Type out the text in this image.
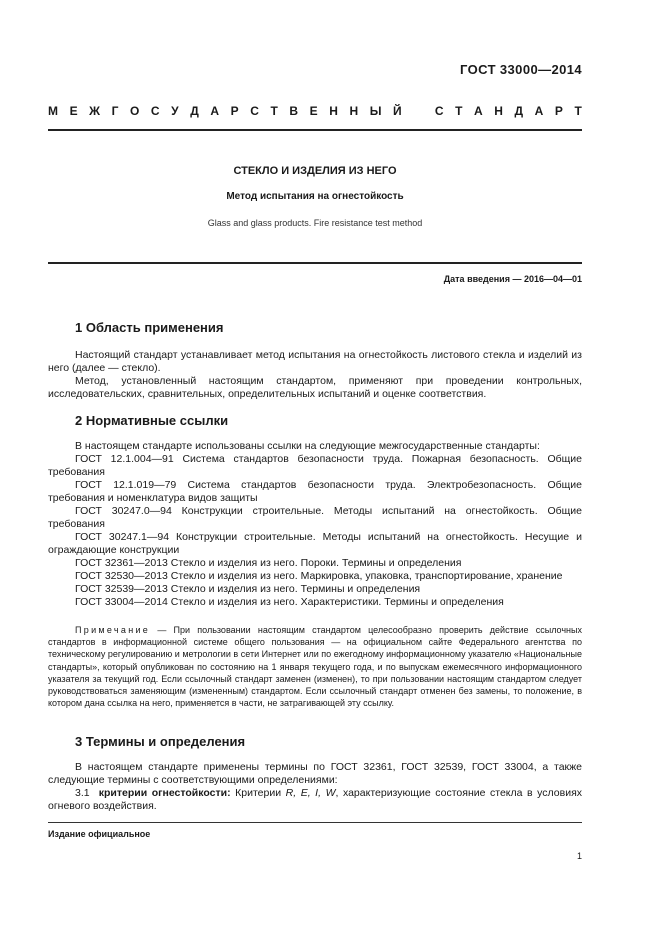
ГОСТ 33000—2014
М Е Ж Г О С У Д А Р С Т В Е Н Н Ы Й
	С Т А Н Д А Р Т
СТЕКЛО И ИЗДЕЛИЯ ИЗ НЕГО
Метод испытания на огнестойкость
Glass and glass products. Fire resistance test method
Дата введения — 2016—04—01
1 Область применения

Настоящий стандарт устанавливает метод испытания на огнестойкость листового стекла и изделий из него (далее — стекло).

Метод, установленный настоящим стандартом, применяют при проведении контрольных, исследовательских, сравнительных, определительных испытаний и оценке соответствия.

2 Нормативные ссылки

В настоящем стандарте использованы ссылки на следующие межгосударственные стандарты:

ГОСТ 12.1.004—91 Система стандартов безопасности труда. Пожарная безопасность. Общие требования

ГОСТ 12.1.019—79 Система стандартов безопасности труда. Электробезопасность. Общие требования и номенклатура видов защиты

ГОСТ 30247.0—94 Конструкции строительные. Методы испытаний на огнестойкость. Общие требования

ГОСТ 30247.1—94 Конструкции строительные. Методы испытаний на огнестойкость. Несущие и ограждающие конструкции

ГОСТ 32361—2013 Стекло и изделия из него. Пороки. Термины и определения

ГОСТ 32530—2013 Стекло и изделия из него. Маркировка, упаковка, транспортирование, хранение

ГОСТ 32539—2013 Стекло и изделия из него. Термины и определения

ГОСТ 33004—2014 Стекло и изделия из него. Характеристики. Термины и определения

Примечание — При пользовании настоящим стандартом целесообразно проверить действие ссылочных стандартов в информационной системе общего пользования — на официальном сайте Федерального агентства по техническому регулированию и метрологии в сети Интернет или по ежегодному информационному указателю «Национальные стандарты», который опубликован по состоянию на 1 января текущего года, и по выпускам ежемесячного информационного указателя за текущий год. Если ссылочный стандарт заменен (изменен), то при пользовании настоящим стандартом следует руководствоваться заменяющим (измененным) стандартом. Если ссылочный стандарт отменен без замены, то положение, в котором дана ссылка на него, применяется в части, не затрагивающей эту ссылку.

3 Термины и определения

В настоящем стандарте применены термины по ГОСТ 32361, ГОСТ 32539, ГОСТ 33004, а также следующие термины с соответствующими определениями:

3.1 критерии огнестойкости: Критерии R, E, I, W, характеризующие состояние стекла в условиях огневого воздействия.

Издание официальное
1
